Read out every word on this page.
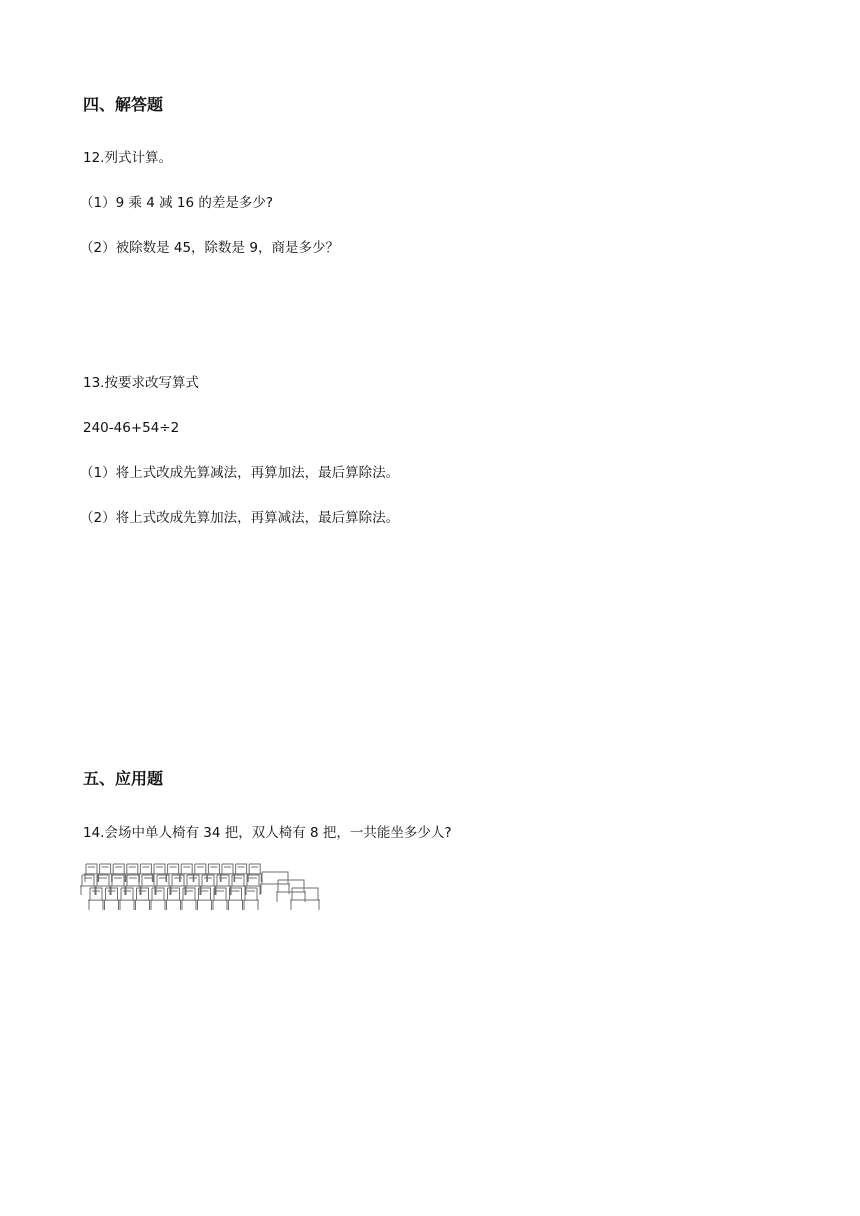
四、解答题
12.列式计算。
（1）9 乘 4 减 16 的差是多少?
（2）被除数是 45，除数是 9，商是多少？
13.按要求改写算式
240-46+54÷2
（1）将上式改成先算减法，再算加法，最后算除法。
（2）将上式改成先算加法，再算减法，最后算除法。
五、应用题
14.会场中单人椅有 34 把，双人椅有 8 把，一共能坐多少人?
